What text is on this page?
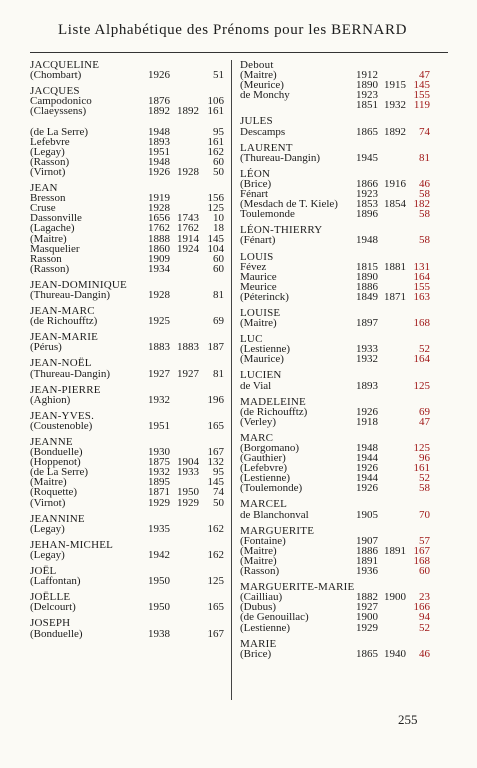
Liste Alphabétique des Prénoms pour les BERNARD
JACQUELINE
(Chombart)	1926	51
JACQUES
Campodonico	1876	106
(Claeyssens)	1892 1892 161
(de La Serre)	1948	95
Lefebvre	1893	161
(Legay)	1951	162
(Rasson)	1948	60
(Virnot)	1926 1928	50
JEAN
Bresson	1919	156
Cruse	1928	125
Dassonville	1656 1743	10
(Lagache)	1762 1762	18
(Maitre)	1888 1914 145
Masquelier	1860 1924 104
Rasson	1909	60
(Rasson)	1934	60
JEAN-DOMINIQUE
(Thureau-Dangin)	1928	81
JEAN-MARC
(de Richoufftz)	1925	69
JEAN-MARIE
(Pérus)	1883 1883 187
JEAN-NOËL
(Thureau-Dangin)	1927 1927	81
JEAN-PIERRE
(Aghion)	1932	196
JEAN-YVES.
(Coustenoble)	1951	165
JEANNE
(Bonduelle)	1930	167
(Hoppenot)	1875 1904 132
(de La Serre)	1932 1933	95
(Maitre)	1895	145
(Roquette)	1871 1950	74
(Virnot)	1929 1929	50
JEANNINE
(Legay)	1935	162
JEHAN-MICHEL
(Legay)	1942	162
JOËL
(Laffontan)	1950	125
JOËLLE
(Delcourt)	1950	165
JOSEPH
(Bonduelle)	1938	167
Debout
(Maitre)	1912	47
(Meurice)	1890 1915 145
de Monchy	1923	155
1851 1932 119
JULES
Descamps	1865 1892	74
LAURENT
(Thureau-Dangin)	1945	81
LÉON
(Brice)	1866 1916	46
Fénart	1923	58
(Mesdach de T. Kiele) 1853 1854 182
Toulemonde	1896	58
LÉON-THIERRY
(Fénart)	1948	58
LOUIS
Févez	1815 1881 131
Maurice	1890	164
Meurice	1886	155
(Péterinck)	1849 1871 163
LOUISE
(Maitre)	1897	168
LUC
(Lestienne)	1933	52
(Maurice)	1932	164
LUCIEN
de Vial	1893	125
MADELEINE
(de Richoufftz)	1926	69
(Verley)	1918	47
MARC
(Borgomano)	1948	125
(Gauthier)	1944	96
(Lefebvre)	1926	161
(Lestienne)	1944	52
(Toulemonde)	1926	58
MARCEL
de Blanchonval	1905	70
MARGUERITE
(Fontaine)	1907	57
(Maitre)	1886 1891 167
(Maitre)	1891	168
(Rasson)	1936	60
MARGUERITE-MARIE
(Cailliau)	1882 1900	23
(Dubus)	1927	166
(de Genouillac)	1900	94
(Lestienne)	1929	52
MARIE
(Brice)	1865 1940	46
255
